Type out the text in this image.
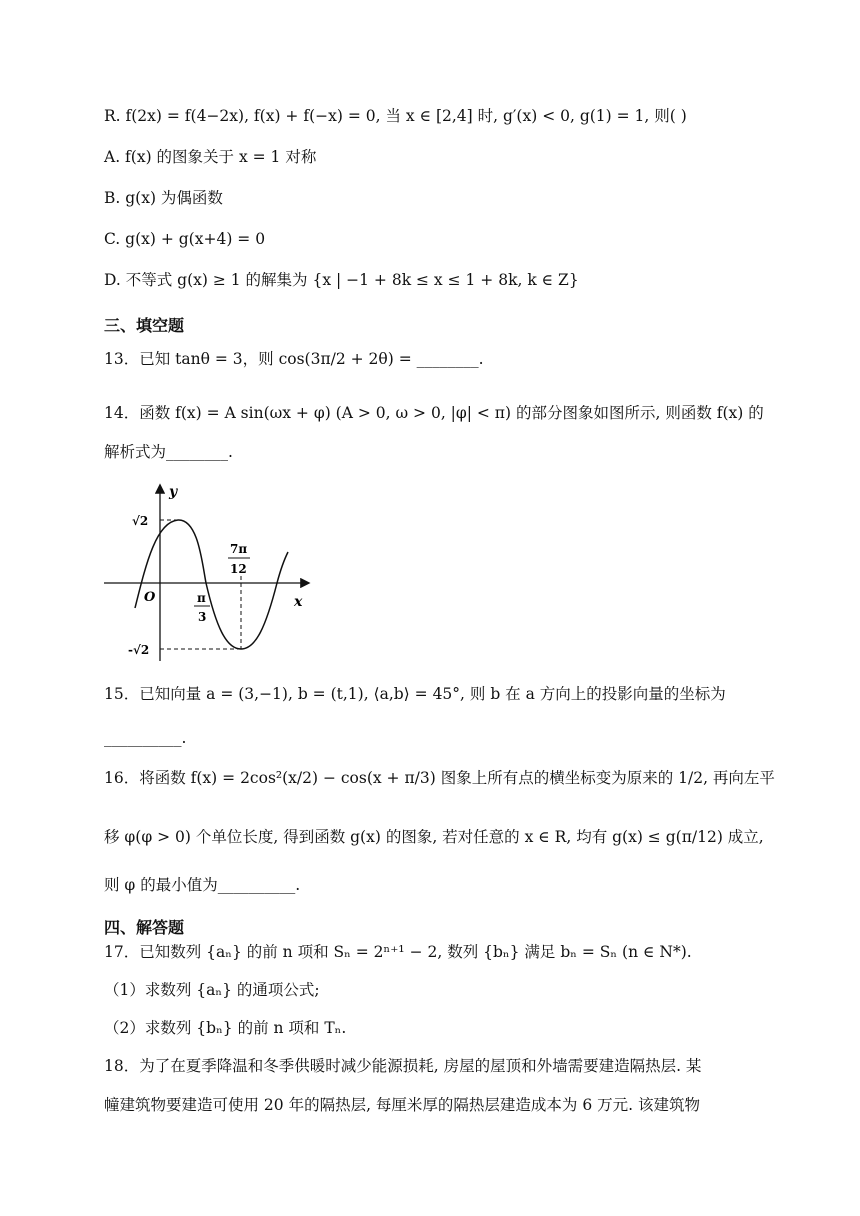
R. f(2x) = f(4−2x), f(x) + f(−x) = 0, 当 x ∈ [2,4] 时, g′(x) < 0, g(1) = 1, 则( )
A. f(x) 的图象关于 x = 1 对称
B. g(x) 为偶函数
C. g(x) + g(x+4) = 0
D. 不等式 g(x) ≥ 1 的解集为 {x | −1 + 8k ≤ x ≤ 1 + 8k, k ∈ Z}
三、填空题
13．已知 tanθ = 3，则 cos(3π/2 + 2θ) = ________.
14．函数 f(x) = A sin(ωx + φ) (A > 0, ω > 0, |φ| < π) 的部分图象如图所示, 则函数 f(x) 的
解析式为________.
y
x
O
√2
-√2
π
3
7π
12
15．已知向量 a = (3,−1), b = (t,1), ⟨a,b⟩ = 45°, 则 b 在 a 方向上的投影向量的坐标为
__________.
16．将函数 f(x) = 2cos²(x/2) − cos(x + π/3) 图象上所有点的横坐标变为原来的 1/2, 再向左平
移 φ(φ > 0) 个单位长度, 得到函数 g(x) 的图象, 若对任意的 x ∈ R, 均有 g(x) ≤ g(π/12) 成立,
则 φ 的最小值为__________.
四、解答题
17．已知数列 {aₙ} 的前 n 项和 Sₙ = 2ⁿ⁺¹ − 2, 数列 {bₙ} 满足 bₙ = Sₙ (n ∈ N*).
（1）求数列 {aₙ} 的通项公式;
（2）求数列 {bₙ} 的前 n 项和 Tₙ.
18．为了在夏季降温和冬季供暖时减少能源损耗, 房屋的屋顶和外墙需要建造隔热层. 某
幢建筑物要建造可使用 20 年的隔热层, 每厘米厚的隔热层建造成本为 6 万元. 该建筑物
